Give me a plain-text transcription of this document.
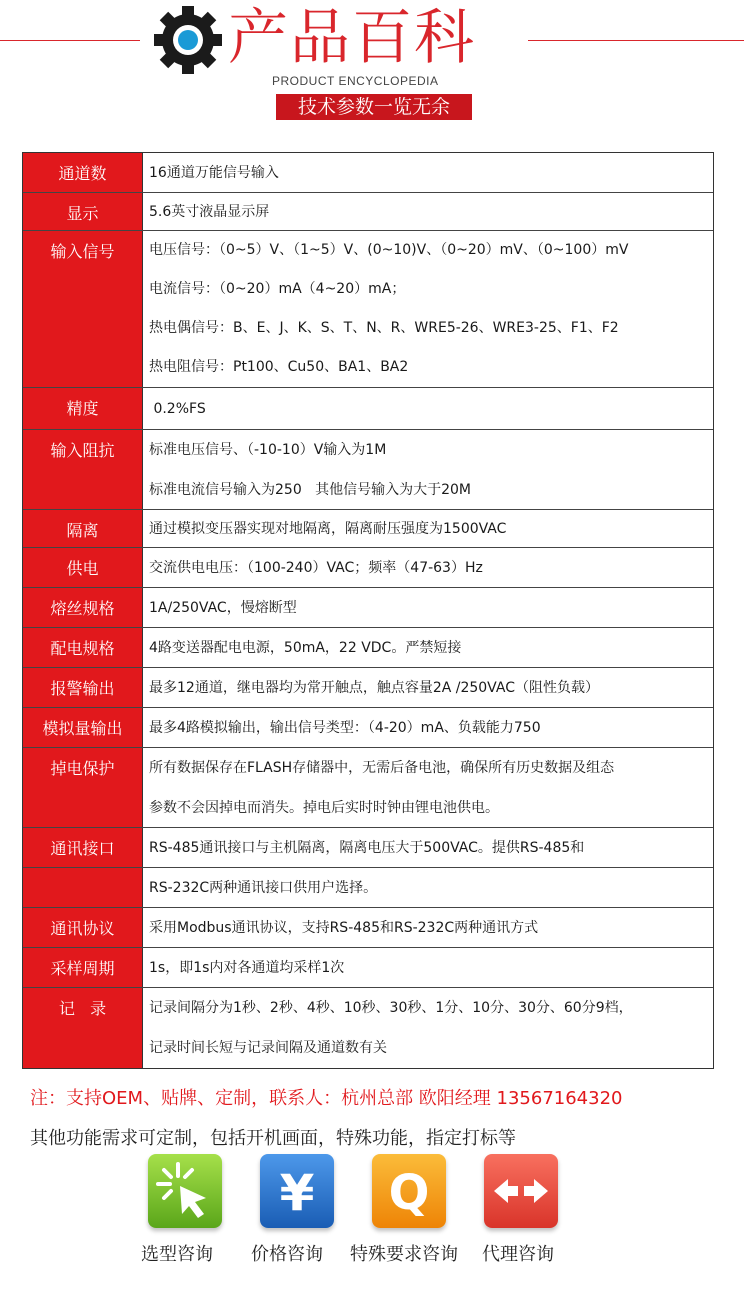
产品百科
PRODUCT ENCYCLOPEDIA
技术参数一览无余
通道数	16通道万能信号输入
显示	5.6英寸液晶显示屏
输入信号	电压信号：（0~5）V、（1~5）V、(0~10)V、（0~20）mV、（0~100）mV
电流信号：（0~20）mA（4~20）mA；
热电偶信号：B、E、J、K、S、T、N、R、WRE5-26、WRE3-25、F1、F2
热电阻信号：Pt100、Cu50、BA1、BA2
精度	0.2%FS
输入阻抗	标准电压信号、（-10-10）V输入为1M
标准电流信号输入为250   其他信号输入为大于20M
隔离	通过模拟变压器实现对地隔离，隔离耐压强度为1500VAC
供电	交流供电电压：（100-240）VAC；频率（47-63）Hz
熔丝规格	1A/250VAC，慢熔断型
配电规格	4路变送器配电电源，50mA，22 VDC。严禁短接
报警输出	最多12通道，继电器均为常开触点，触点容量2A /250VAC（阻性负载）
模拟量输出	最多4路模拟输出，输出信号类型：（4-20）mA、负载能力750
掉电保护	所有数据保存在FLASH存储器中，无需后备电池，确保所有历史数据及组态
参数不会因掉电而消失。掉电后实时时钟由锂电池供电。
通讯接口	RS-485通讯接口与主机隔离，隔离电压大于500VAC。提供RS-485和
RS-232C两种通讯接口供用户选择。
通讯协议	采用Modbus通讯协议，支持RS-485和RS-232C两种通讯方式
采样周期	1s，即1s内对各通道均采样1次
记   录	记录间隔分为1秒、2秒、4秒、10秒、30秒、1分、10分、30分、60分9档，
记录时间长短与记录间隔及通道数有关
注：支持OEM、贴牌、定制，联系人：杭州总部 欧阳经理 13567164320
其他功能需求可定制，包括开机画面，特殊功能，指定打标等
¥ Q
选型咨询 价格咨询 特殊要求咨询 代理咨询
